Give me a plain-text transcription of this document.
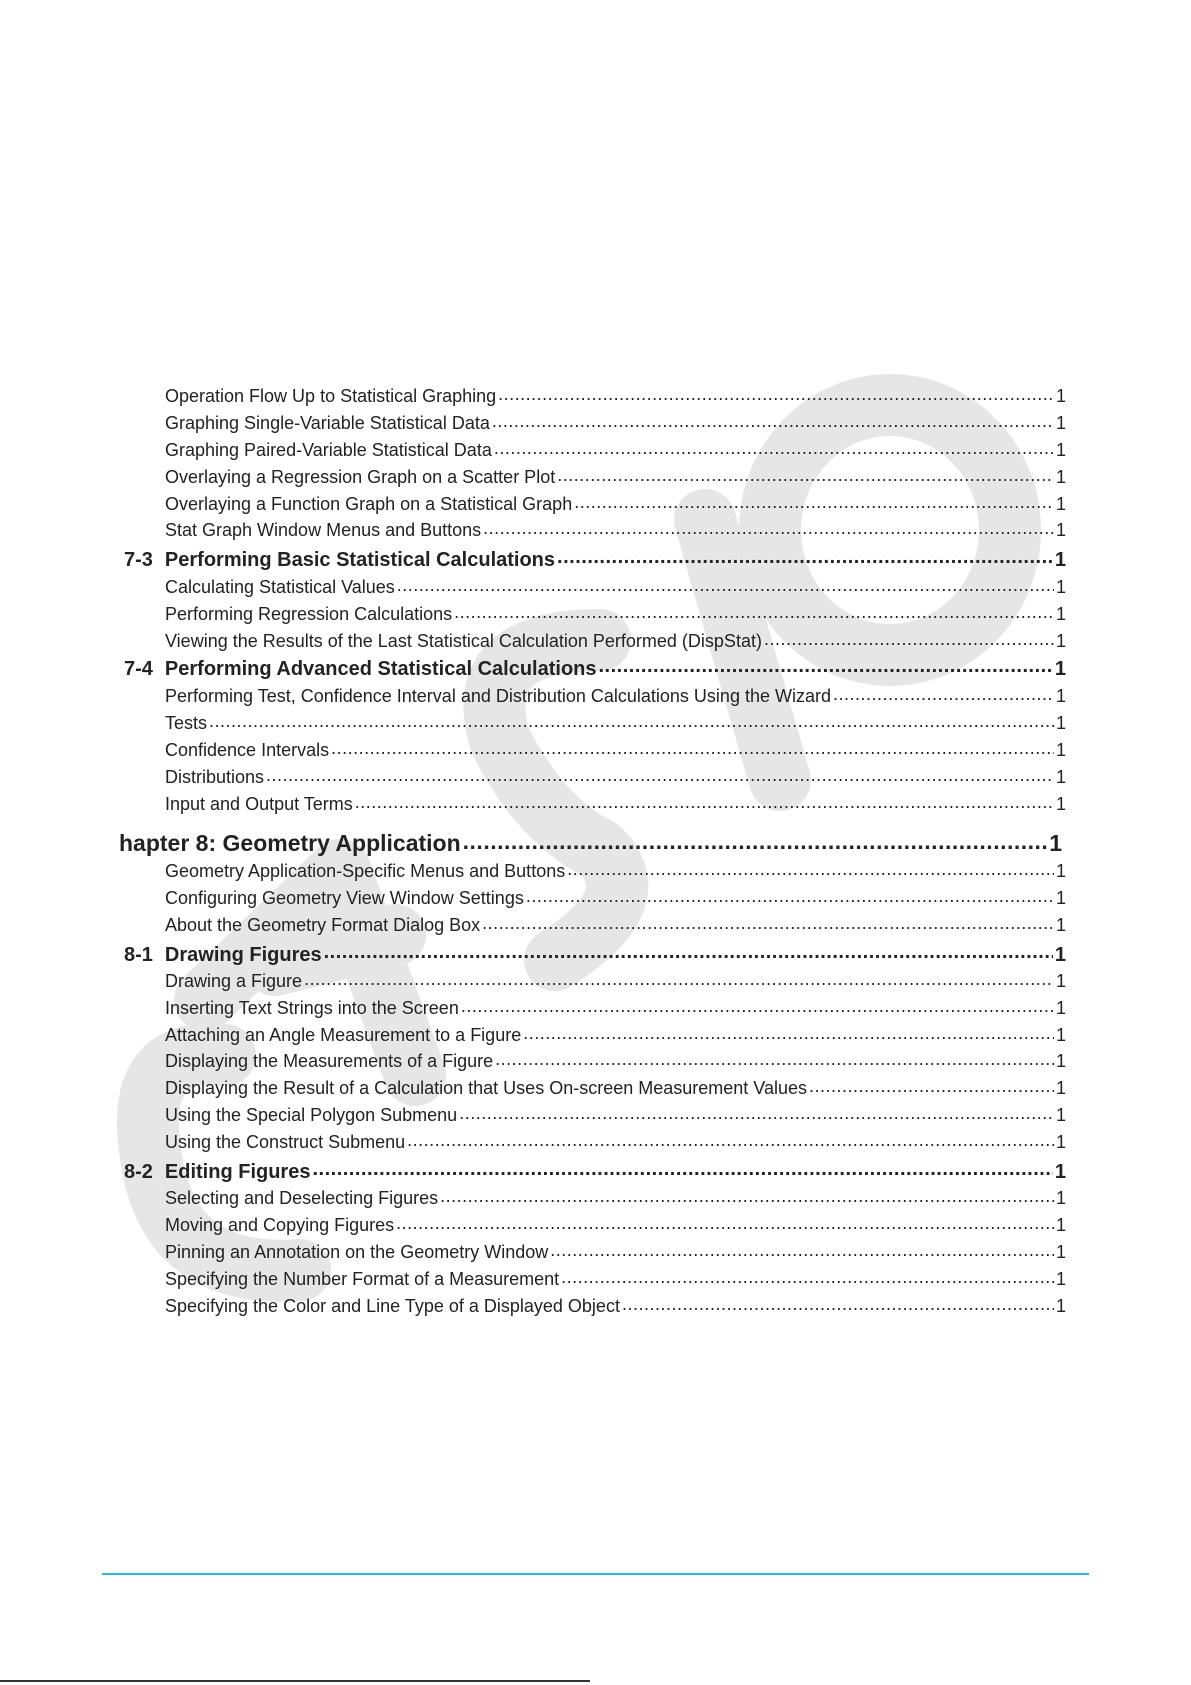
Operation Flow Up to Statistical Graphing .....	1
Graphing Single-Variable Statistical Data .....	1
Graphing Paired-Variable Statistical Data .....	1
Overlaying a Regression Graph on a Scatter Plot .....	1
Overlaying a Function Graph on a Statistical Graph .....	1
Stat Graph Window Menus and Buttons .....	1
7-3 Performing Basic Statistical Calculations .....	1
Calculating Statistical Values .....	1
Performing Regression Calculations .....	1
Viewing the Results of the Last Statistical Calculation Performed (DispStat) .....	1
7-4 Performing Advanced Statistical Calculations .....	1
Performing Test, Confidence Interval and Distribution Calculations Using the Wizard .....	1
Tests .....	1
Confidence Intervals .....	1
Distributions .....	1
Input and Output Terms .....	1
hapter 8: Geometry Application .....	1
Geometry Application-Specific Menus and Buttons .....	1
Configuring Geometry View Window Settings .....	1
About the Geometry Format Dialog Box .....	1
8-1 Drawing Figures .....	1
Drawing a Figure .....	1
Inserting Text Strings into the Screen .....	1
Attaching an Angle Measurement to a Figure .....	1
Displaying the Measurements of a Figure .....	1
Displaying the Result of a Calculation that Uses On-screen Measurement Values .....	1
Using the Special Polygon Submenu .....	1
Using the Construct Submenu .....	1
8-2 Editing Figures .....	1
Selecting and Deselecting Figures .....	1
Moving and Copying Figures .....	1
Pinning an Annotation on the Geometry Window .....	1
Specifying the Number Format of a Measurement .....	1
Specifying the Color and Line Type of a Displayed Object .....	1
